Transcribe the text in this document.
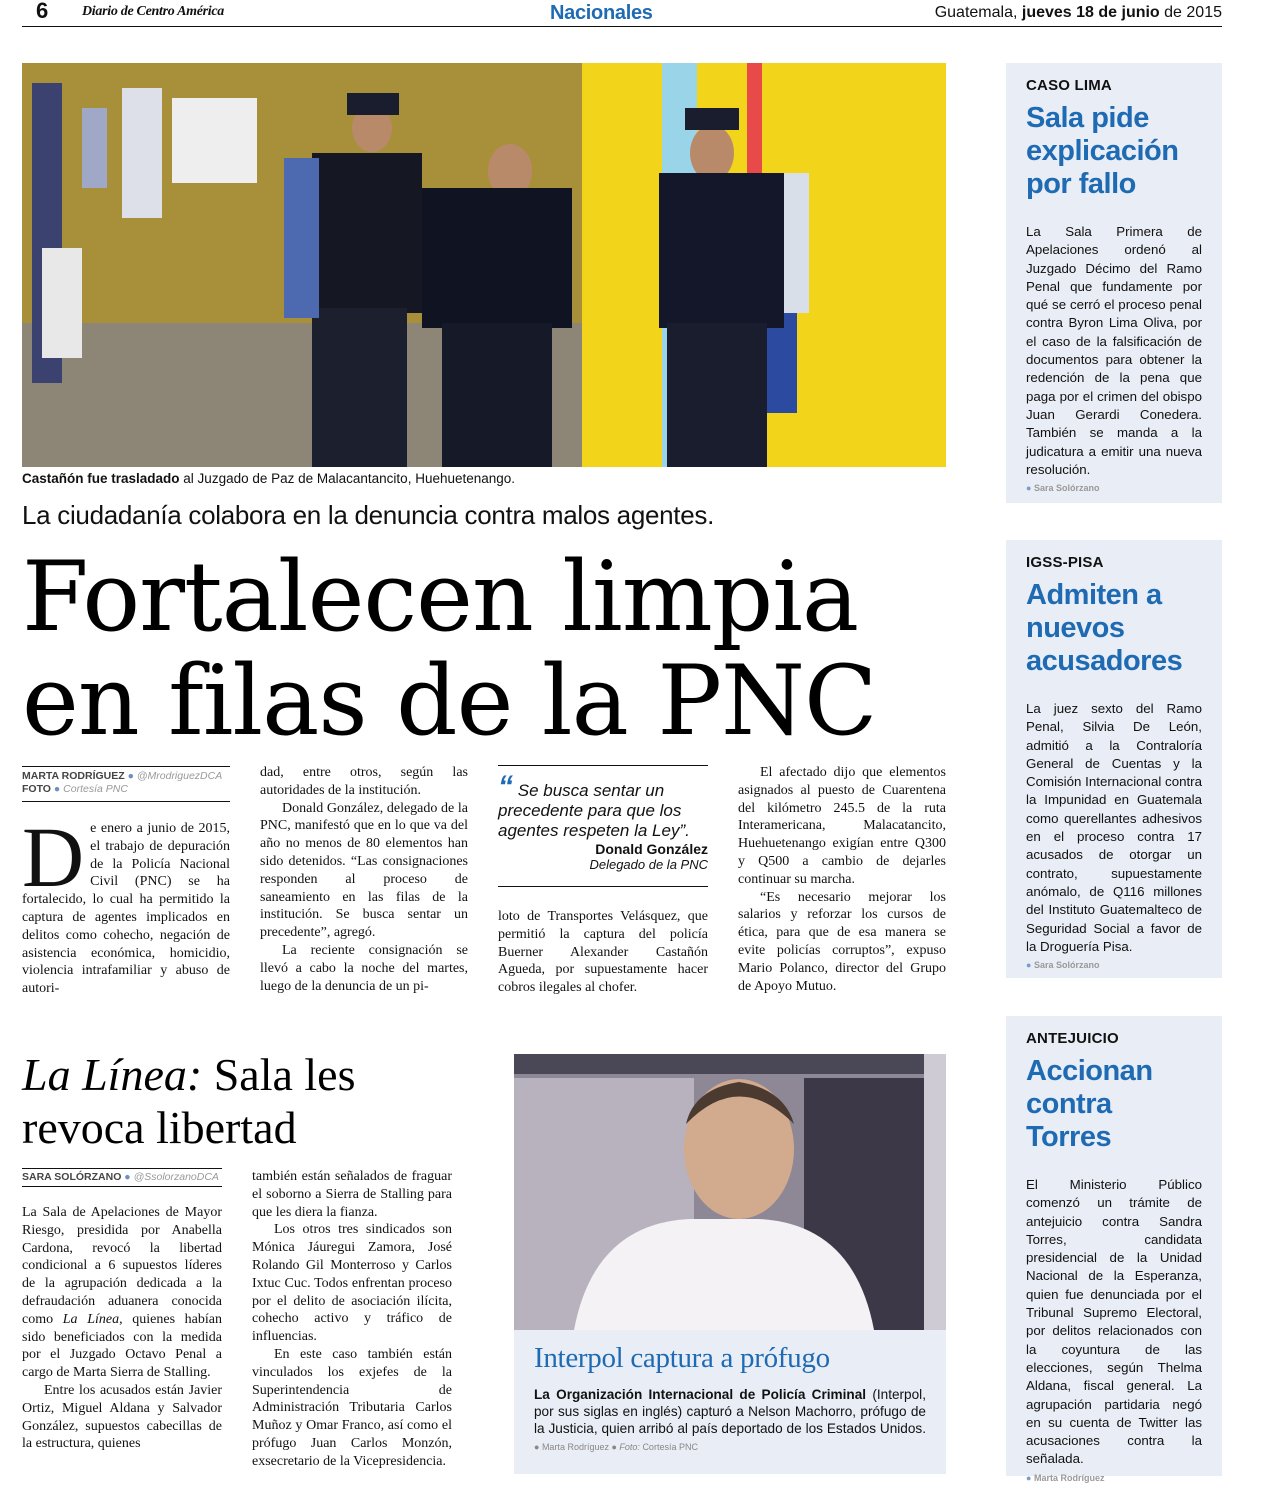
6 Diario de Centro América	Nacionales	Guatemala, jueves 18 de junio de 2015
Castañón fue trasladado al Juzgado de Paz de Malacantancito, Huehuetenango.
La ciudadanía colabora en la denuncia contra malos agentes.
Fortalecen limpia
en filas de la PNC
MARTA RODRÍGUEZ ● @MrodriguezDCA
FOTO ● Cortesía PNC

De enero a junio de 2015, el trabajo de depuración de la Policía Nacional Civil (PNC) se ha fortalecido, lo cual ha permitido la captura de agentes implicados en delitos como cohecho, negación de asistencia económica, homicidio, violencia intrafamiliar y abuso de autori-

dad, entre otros, según las autoridades de la institución.

Donald González, delegado de la PNC, manifestó que en lo que va del año no menos de 80 elementos han sido detenidos. “Las consignaciones responden al proceso de saneamiento en las filas de la institución. Se busca sentar un precedente”, agregó.

La reciente consignación se llevó a cabo la noche del martes, luego de la denuncia de un pi-

“ Se busca sentar un precedente para que los agentes respeten la Ley”.
Donald González
Delegado de la PNC

loto de Transportes Velásquez, que permitió la captura del policía Buerner Alexander Castañón Agueda, por supuestamente hacer cobros ilegales al chofer.

El afectado dijo que elementos asignados al puesto de Cuarentena del kilómetro 245.5 de la ruta Interamericana, Malacatancito, Huehuetenango exigían entre Q300 y Q500 a cambio de dejarles continuar su marcha.

“Es necesario mejorar los salarios y reforzar los cursos de ética, para que de esa manera se evite policías corruptos”, expuso Mario Polanco, director del Grupo de Apoyo Mutuo.

La Línea: Sala les revoca libertad
SARA SOLÓRZANO ● @SsolorzanoDCA

La Sala de Apelaciones de Mayor Riesgo, presidida por Anabella Cardona, revocó la libertad condicional a 6 supuestos líderes de la agrupación dedicada a la defraudación aduanera conocida como La Línea, quienes habían sido beneficiados con la medida por el Juzgado Octavo Penal a cargo de Marta Sierra de Stalling.

Entre los acusados están Javier Ortiz, Miguel Aldana y Salvador González, supuestos cabecillas de la estructura, quienes

también están señalados de fraguar el soborno a Sierra de Stalling para que les diera la fianza.

Los otros tres sindicados son Mónica Jáuregui Zamora, José Rolando Gil Monterroso y Carlos Ixtuc Cuc. Todos enfrentan proceso por el delito de asociación ilícita, cohecho activo y tráfico de influencias.

En este caso también están vinculados los exjefes de la Superintendencia de Administración Tributaria Carlos Muñoz y Omar Franco, así como el prófugo Juan Carlos Monzón, exsecretario de la Vicepresidencia.

Interpol captura a prófugo
La Organización Internacional de Policía Criminal (Interpol, por sus siglas en inglés) capturó a Nelson Machorro, prófugo de la Justicia, quien arribó al país deportado de los Estados Unidos. ● Marta Rodríguez ● Foto: Cortesía PNC
CASO LIMA
Sala pide explicación por fallo
La Sala Primera de Apelaciones ordenó al Juzgado Décimo del Ramo Penal que fundamente por qué se cerró el proceso penal contra Byron Lima Oliva, por el caso de la falsificación de documentos para obtener la redención de la pena que paga por el crimen del obispo Juan Gerardi Conedera. También se manda a la judicatura a emitir una nueva resolución.
● Sara Solórzano
IGSS-PISA
Admiten a nuevos acusadores
La juez sexto del Ramo Penal, Silvia De León, admitió a la Contraloría General de Cuentas y la Comisión Internacional contra la Impunidad en Guatemala como querellantes adhesivos en el proceso contra 17 acusados de otorgar un contrato, supuestamente anómalo, de Q116 millones del Instituto Guatemalteco de Seguridad Social a favor de la Droguería Pisa.
● Sara Solórzano
ANTEJUICIO
Accionan contra Torres
El Ministerio Público comenzó un trámite de antejuicio contra Sandra Torres, candidata presidencial de la Unidad Nacional de la Esperanza, quien fue denunciada por el Tribunal Supremo Electoral, por delitos relacionados con la coyuntura de las elecciones, según Thelma Aldana, fiscal general. La agrupación partidaria negó en su cuenta de Twitter las acusaciones contra la señalada.
● Marta Rodríguez
